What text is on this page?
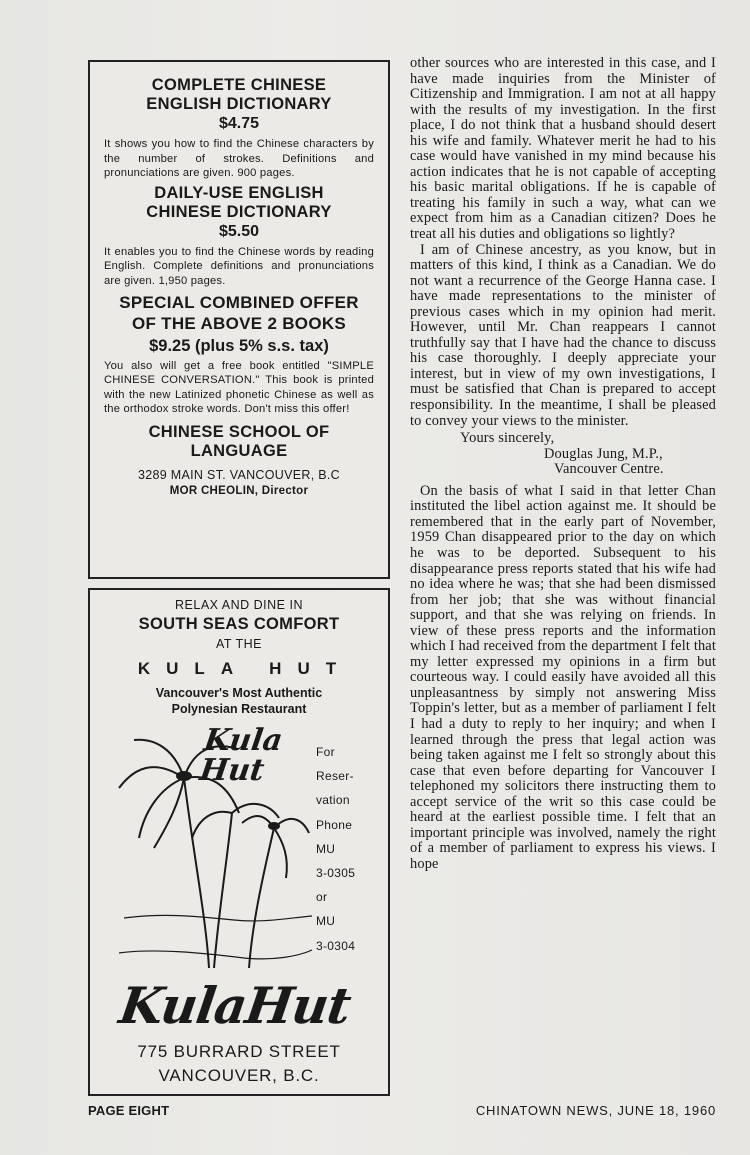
COMPLETE CHINESE

ENGLISH DICTIONARY

$4.75

It shows you how to find the Chinese characters by the number of strokes. Definitions and pronunciations are given. 900 pages.

DAILY-USE ENGLISH

CHINESE DICTIONARY

$5.50

It enables you to find the Chinese words by reading English. Complete definitions and pronunciations are given. 1,950 pages.

SPECIAL COMBINED OFFER

OF THE ABOVE 2 BOOKS

$9.25 (plus 5% s.s. tax)

You also will get a free book entitled "SIMPLE CHINESE CONVERSATION." This book is printed with the new Latinized phonetic Chinese as well as the orthodox stroke words. Don't miss this offer!

CHINESE SCHOOL OF

LANGUAGE

3289 MAIN ST. VANCOUVER, B.C
MOR CHEOLIN, Director
RELAX AND DINE IN
SOUTH SEAS COMFORT
AT THE
KULA HUT
Vancouver's Most Authentic
Polynesian Restaurant
Kula Hut
For
Reser-
vation
Phone
MU
3-0305
or
MU
3-0304
KulaHut
775 BURRARD STREET
VANCOUVER, B.C.

other sources who are interested in this case, and I have made inquiries from the Minister of Citizenship and Immigration. I am not at all happy with the results of my investigation. In the first place, I do not think that a husband should desert his wife and family. Whatever merit he had to his case would have vanished in my mind because his action indicates that he is not capable of accepting his basic marital obligations. If he is capable of treating his family in such a way, what can we expect from him as a Canadian citizen? Does he treat all his duties and obligations so lightly?

I am of Chinese ancestry, as you know, but in matters of this kind, I think as a Canadian. We do not want a recurrence of the George Hanna case. I have made representations to the minister of previous cases which in my opinion had merit. However, until Mr. Chan reappears I cannot truthfully say that I have had the chance to discuss his case thoroughly. I deeply appreciate your interest, but in view of my own investigations, I must be satisfied that Chan is prepared to accept responsibility. In the meantime, I shall be pleased to convey your views to the minister.

Yours sincerely,

Douglas Jung, M.P.,

Vancouver Centre.

On the basis of what I said in that letter Chan instituted the libel action against me. It should be remembered that in the early part of November, 1959 Chan disappeared prior to the day on which he was to be deported. Subsequent to his disappearance press reports stated that his wife had no idea where he was; that she had been dismissed from her job; that she was without financial support, and that she was relying on friends. In view of these press reports and the information which I had received from the department I felt that my letter expressed my opinions in a firm but courteous way. I could easily have avoided all this unpleasantness by simply not answering Miss Toppin's letter, but as a member of parliament I felt I had a duty to reply to her inquiry; and when I learned through the press that legal action was being taken against me I felt so strongly about this case that even before departing for Vancouver I telephoned my solicitors there instructing them to accept service of the writ so this case could be heard at the earliest possible time. I felt that an important principle was involved, namely the right of a member of parliament to express his views. I hope

PAGE EIGHT	CHINATOWN NEWS, JUNE 18, 1960
